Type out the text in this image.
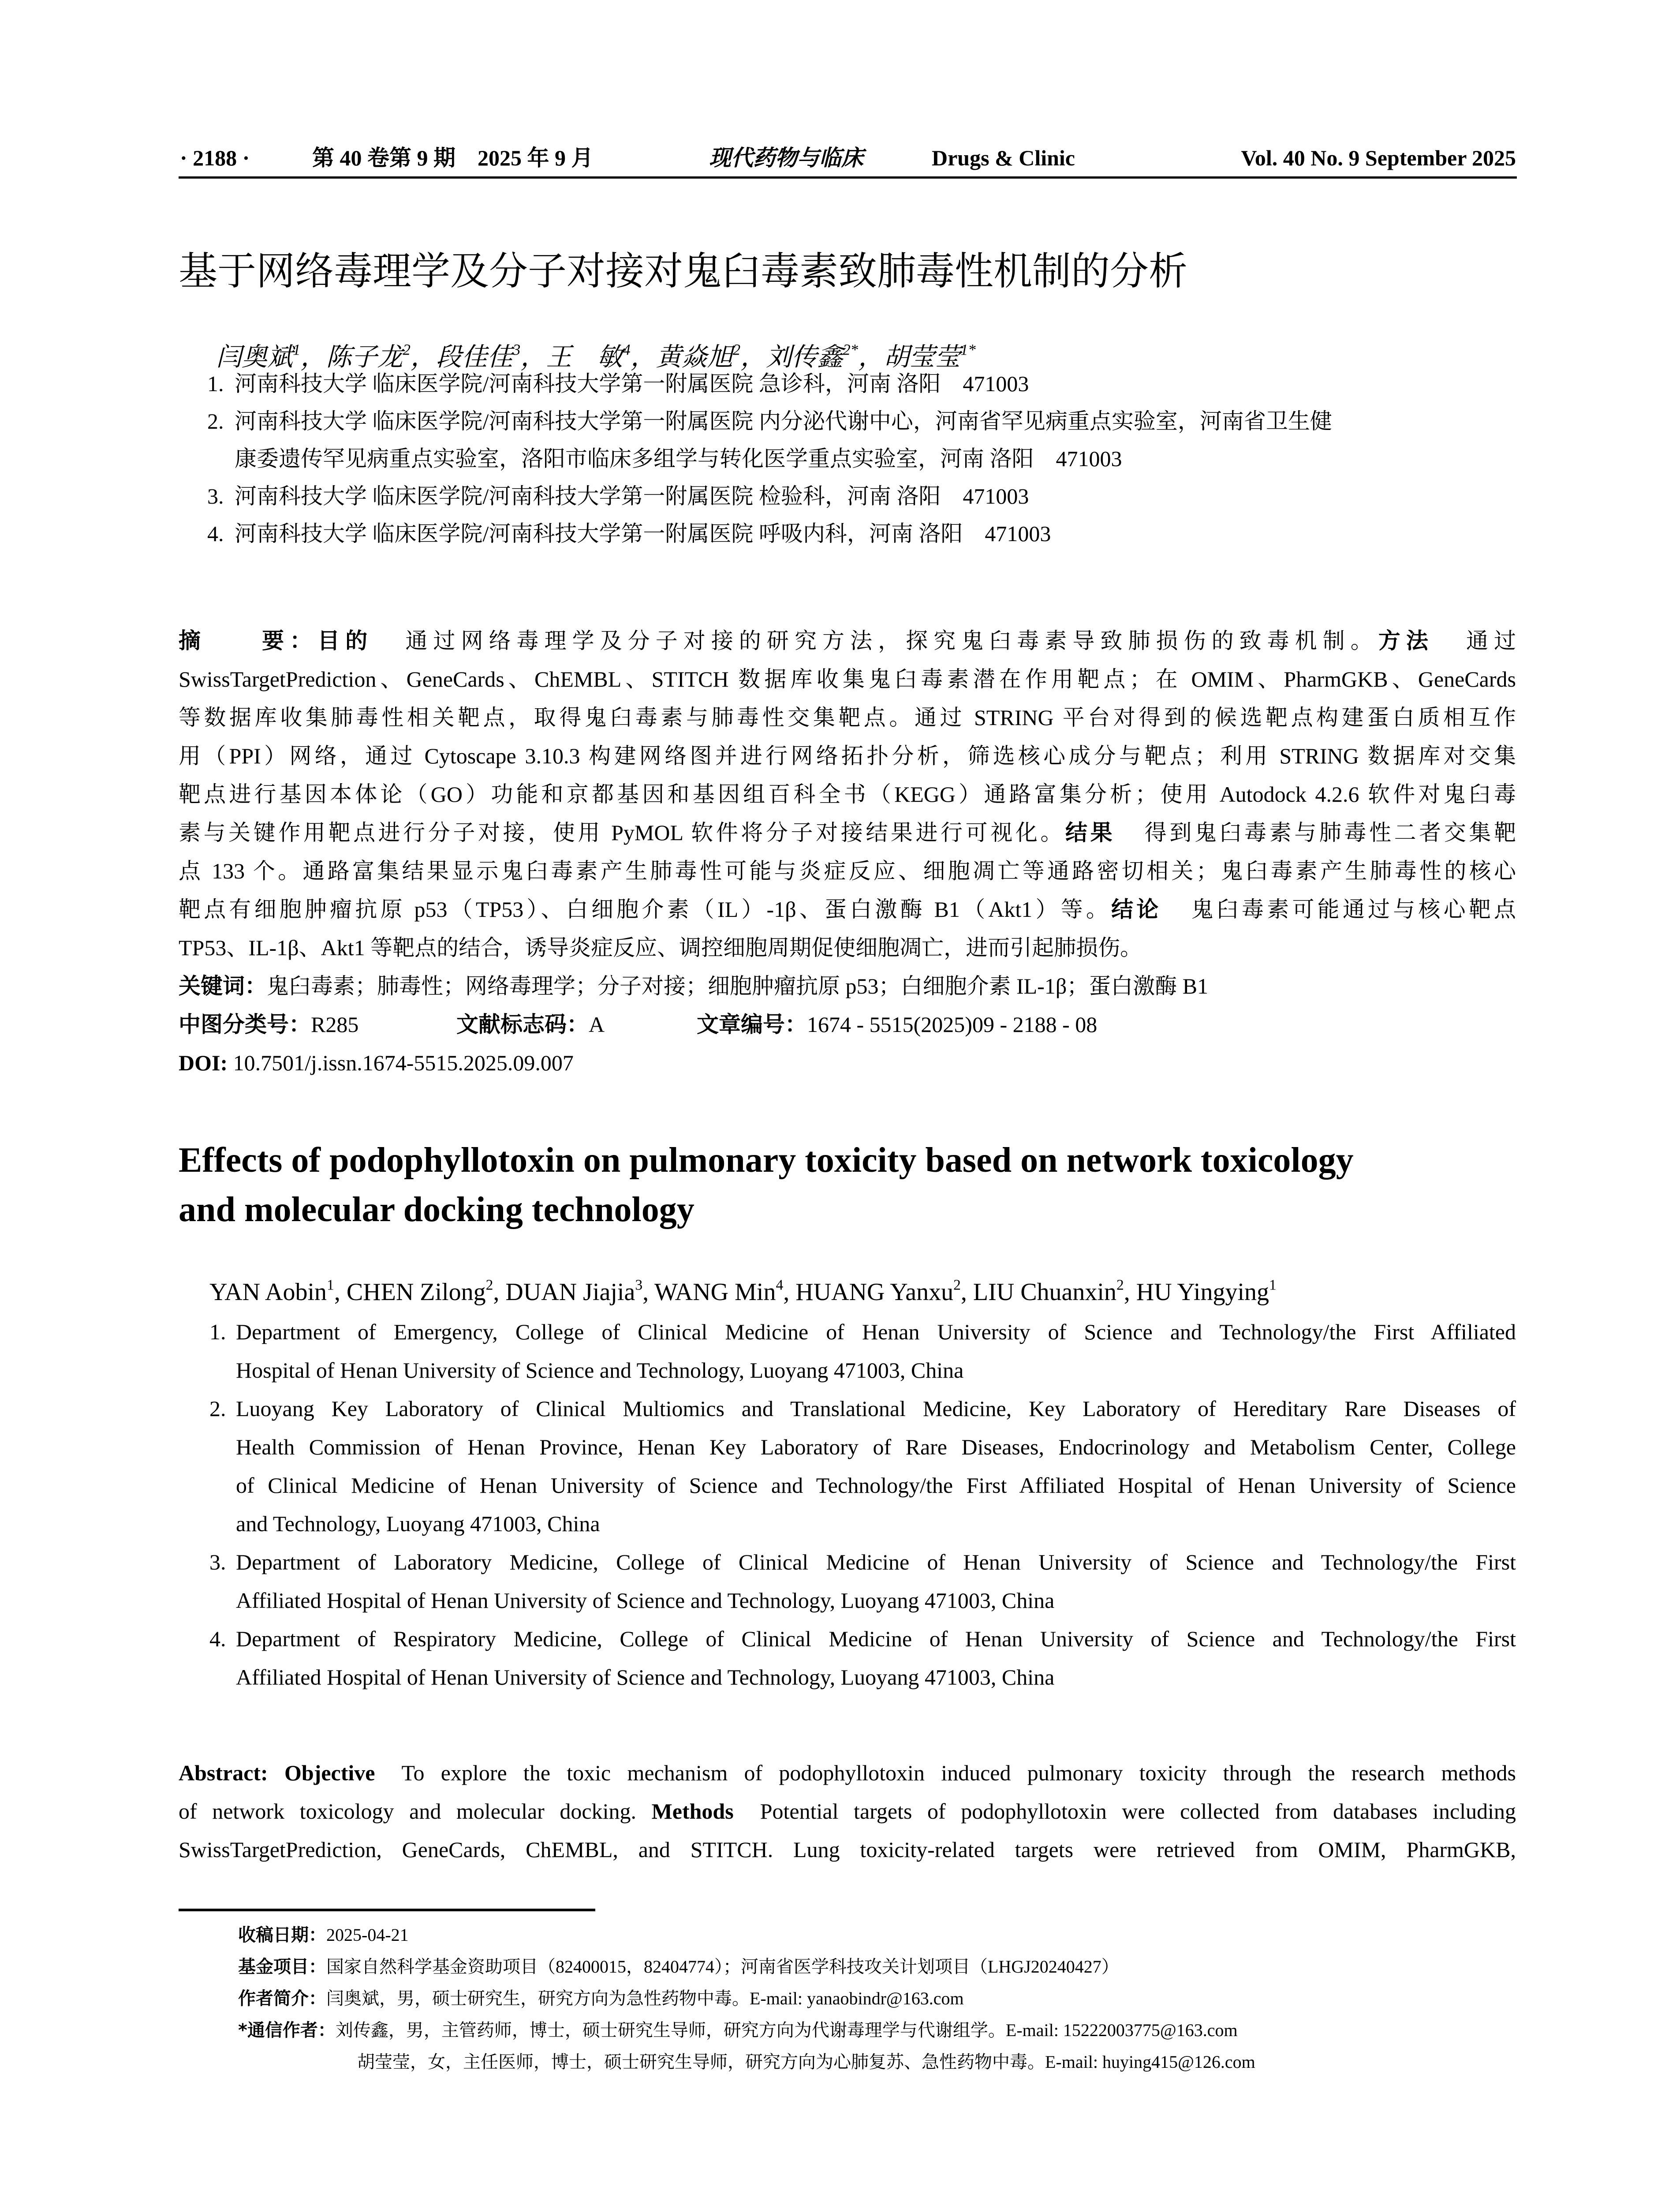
· 2188 ·	第 40 卷第 9 期　2025 年 9 月	现代药物与临床	Drugs & Clinic	Vol. 40 No. 9 September 2025
基于网络毒理学及分子对接对鬼臼毒素致肺毒性机制的分析
闫奥斌$^1$，陈子龙$^2$，段佳佳$^3$，王　敏$^4$，黄焱旭$^2$，刘传鑫$^{2*}$，胡莹莹$^{1*}$
1. 河南科技大学 临床医学院/河南科技大学第一附属医院 急诊科，河南 洛阳　471003
2. 河南科技大学 临床医学院/河南科技大学第一附属医院 内分泌代谢中心，河南省罕见病重点实验室，河南省卫生健
康委遗传罕见病重点实验室，洛阳市临床多组学与转化医学重点实验室，河南 洛阳　471003
3. 河南科技大学 临床医学院/河南科技大学第一附属医院 检验科，河南 洛阳　471003
4. 河南科技大学 临床医学院/河南科技大学第一附属医院 呼吸内科，河南 洛阳　471003
摘　　要：目的 通过网络毒理学及分子对接的研究方法，探究鬼臼毒素导致肺损伤的致毒机制。方法 通过
SwissTargetPrediction、GeneCards、ChEMBL、STITCH 数据库收集鬼臼毒素潜在作用靶点；在 OMIM、PharmGKB、GeneCards
等数据库收集肺毒性相关靶点，取得鬼臼毒素与肺毒性交集靶点。通过 STRING 平台对得到的候选靶点构建蛋白质相互作
用（PPI）网络，通过 Cytoscape 3.10.3 构建网络图并进行网络拓扑分析，筛选核心成分与靶点；利用 STRING 数据库对交集
靶点进行基因本体论（GO）功能和京都基因和基因组百科全书（KEGG）通路富集分析；使用 Autodock 4.2.6 软件对鬼臼毒
素与关键作用靶点进行分子对接，使用 PyMOL 软件将分子对接结果进行可视化。结果 得到鬼臼毒素与肺毒性二者交集靶
点 133 个。通路富集结果显示鬼臼毒素产生肺毒性可能与炎症反应、细胞凋亡等通路密切相关；鬼臼毒素产生肺毒性的核心
靶点有细胞肿瘤抗原 p53（TP53）、白细胞介素（IL）-1β、蛋白激酶 B1（Akt1）等。结论 鬼臼毒素可能通过与核心靶点
TP53、IL-1β、Akt1 等靶点的结合，诱导炎症反应、调控细胞周期促使细胞凋亡，进而引起肺损伤。
关键词：鬼臼毒素；肺毒性；网络毒理学；分子对接；细胞肿瘤抗原 p53；白细胞介素 IL-1β；蛋白激酶 B1
中图分类号：R285	文献标志码：A	文章编号：1674 - 5515(2025)09 - 2188 - 08
DOI: 10.7501/j.issn.1674-5515.2025.09.007
Effects of podophyllotoxin on pulmonary toxicity based on network toxicology
and molecular docking technology
YAN Aobin$^1$, CHEN Zilong$^2$, DUAN Jiajia$^3$, WANG Min$^4$, HUANG Yanxu$^2$, LIU Chuanxin$^2$, HU Yingying$^1$
1. Department of Emergency, College of Clinical Medicine of Henan University of Science and Technology/the First Affiliated
Hospital of Henan University of Science and Technology, Luoyang 471003, China
2. Luoyang Key Laboratory of Clinical Multiomics and Translational Medicine, Key Laboratory of Hereditary Rare Diseases of
Health Commission of Henan Province, Henan Key Laboratory of Rare Diseases, Endocrinology and Metabolism Center, College
of Clinical Medicine of Henan University of Science and Technology/the First Affiliated Hospital of Henan University of Science
and Technology, Luoyang 471003, China
3. Department of Laboratory Medicine, College of Clinical Medicine of Henan University of Science and Technology/the First
Affiliated Hospital of Henan University of Science and Technology, Luoyang 471003, China
4. Department of Respiratory Medicine, College of Clinical Medicine of Henan University of Science and Technology/the First
Affiliated Hospital of Henan University of Science and Technology, Luoyang 471003, China
Abstract: Objective To explore the toxic mechanism of podophyllotoxin induced pulmonary toxicity through the research methods
of network toxicology and molecular docking. Methods Potential targets of podophyllotoxin were collected from databases including
SwissTargetPrediction, GeneCards, ChEMBL, and STITCH. Lung toxicity-related targets were retrieved from OMIM, PharmGKB,
收稿日期：2025-04-21
基金项目：国家自然科学基金资助项目（82400015，82404774）；河南省医学科技攻关计划项目（LHGJ20240427）
作者简介：闫奥斌，男，硕士研究生，研究方向为急性药物中毒。E-mail: yanaobindr@163.com
*通信作者：刘传鑫，男，主管药师，博士，硕士研究生导师，研究方向为代谢毒理学与代谢组学。E-mail: 15222003775@163.com
胡莹莹，女，主任医师，博士，硕士研究生导师，研究方向为心肺复苏、急性药物中毒。E-mail: huying415@126.com
